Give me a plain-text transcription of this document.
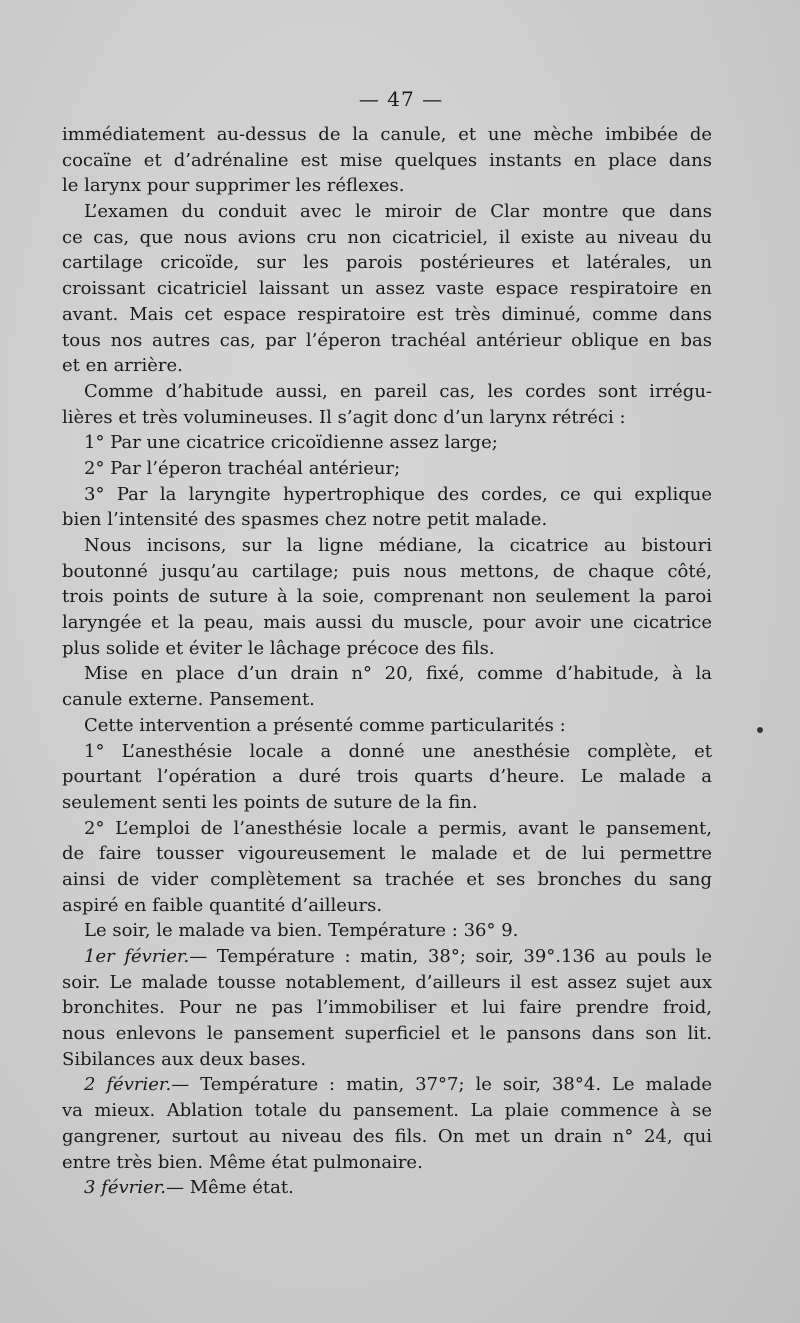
— 47 —
immédiatement au-dessus de la canule, et une mèche imbibée de
cocaïne et d’adrénaline est mise quelques instants en place dans
le larynx pour supprimer les réflexes.
L’examen du conduit avec le miroir de Clar montre que dans
ce cas, que nous avions cru non cicatriciel, il existe au niveau du
cartilage cricoïde, sur les parois postérieures et latérales, un
croissant cicatriciel laissant un assez vaste espace respiratoire en
avant. Mais cet espace respiratoire est très diminué, comme dans
tous nos autres cas, par l’éperon trachéal antérieur oblique en bas
et en arrière.
Comme d’habitude aussi, en pareil cas, les cordes sont irrégu-
lières et très volumineuses. Il s’agit donc d’un larynx rétréci :
1° Par une cicatrice cricoïdienne assez large;
2° Par l’éperon trachéal antérieur;
3° Par la laryngite hypertrophique des cordes, ce qui explique
bien l’intensité des spasmes chez notre petit malade.
Nous incisons, sur la ligne médiane, la cicatrice au bistouri
boutonné jusqu’au cartilage; puis nous mettons, de chaque côté,
trois points de suture à la soie, comprenant non seulement la paroi
laryngée et la peau, mais aussi du muscle, pour avoir une cicatrice
plus solide et éviter le lâchage précoce des fils.
Mise en place d’un drain n° 20, fixé, comme d’habitude, à la
canule externe. Pansement.
Cette intervention a présenté comme particularités :
1° L’anesthésie locale a donné une anesthésie complète, et
pourtant l’opération a duré trois quarts d’heure. Le malade a
seulement senti les points de suture de la fin.
2° L’emploi de l’anesthésie locale a permis, avant le pansement,
de faire tousser vigoureusement le malade et de lui permettre
ainsi de vider complètement sa trachée et ses bronches du sang
aspiré en faible quantité d’ailleurs.
Le soir, le malade va bien. Température : 36° 9.
1er février.— Température : matin, 38°; soir, 39°.136 au pouls le
soir. Le malade tousse notablement, d’ailleurs il est assez sujet aux
bronchites. Pour ne pas l’immobiliser et lui faire prendre froid,
nous enlevons le pansement superficiel et le pansons dans son lit.
Sibilances aux deux bases.
2 février.— Température : matin, 37°7; le soir, 38°4. Le malade
va mieux. Ablation totale du pansement. La plaie commence à se
gangrener, surtout au niveau des fils. On met un drain n° 24, qui
entre très bien. Même état pulmonaire.
3 février.— Même état.
